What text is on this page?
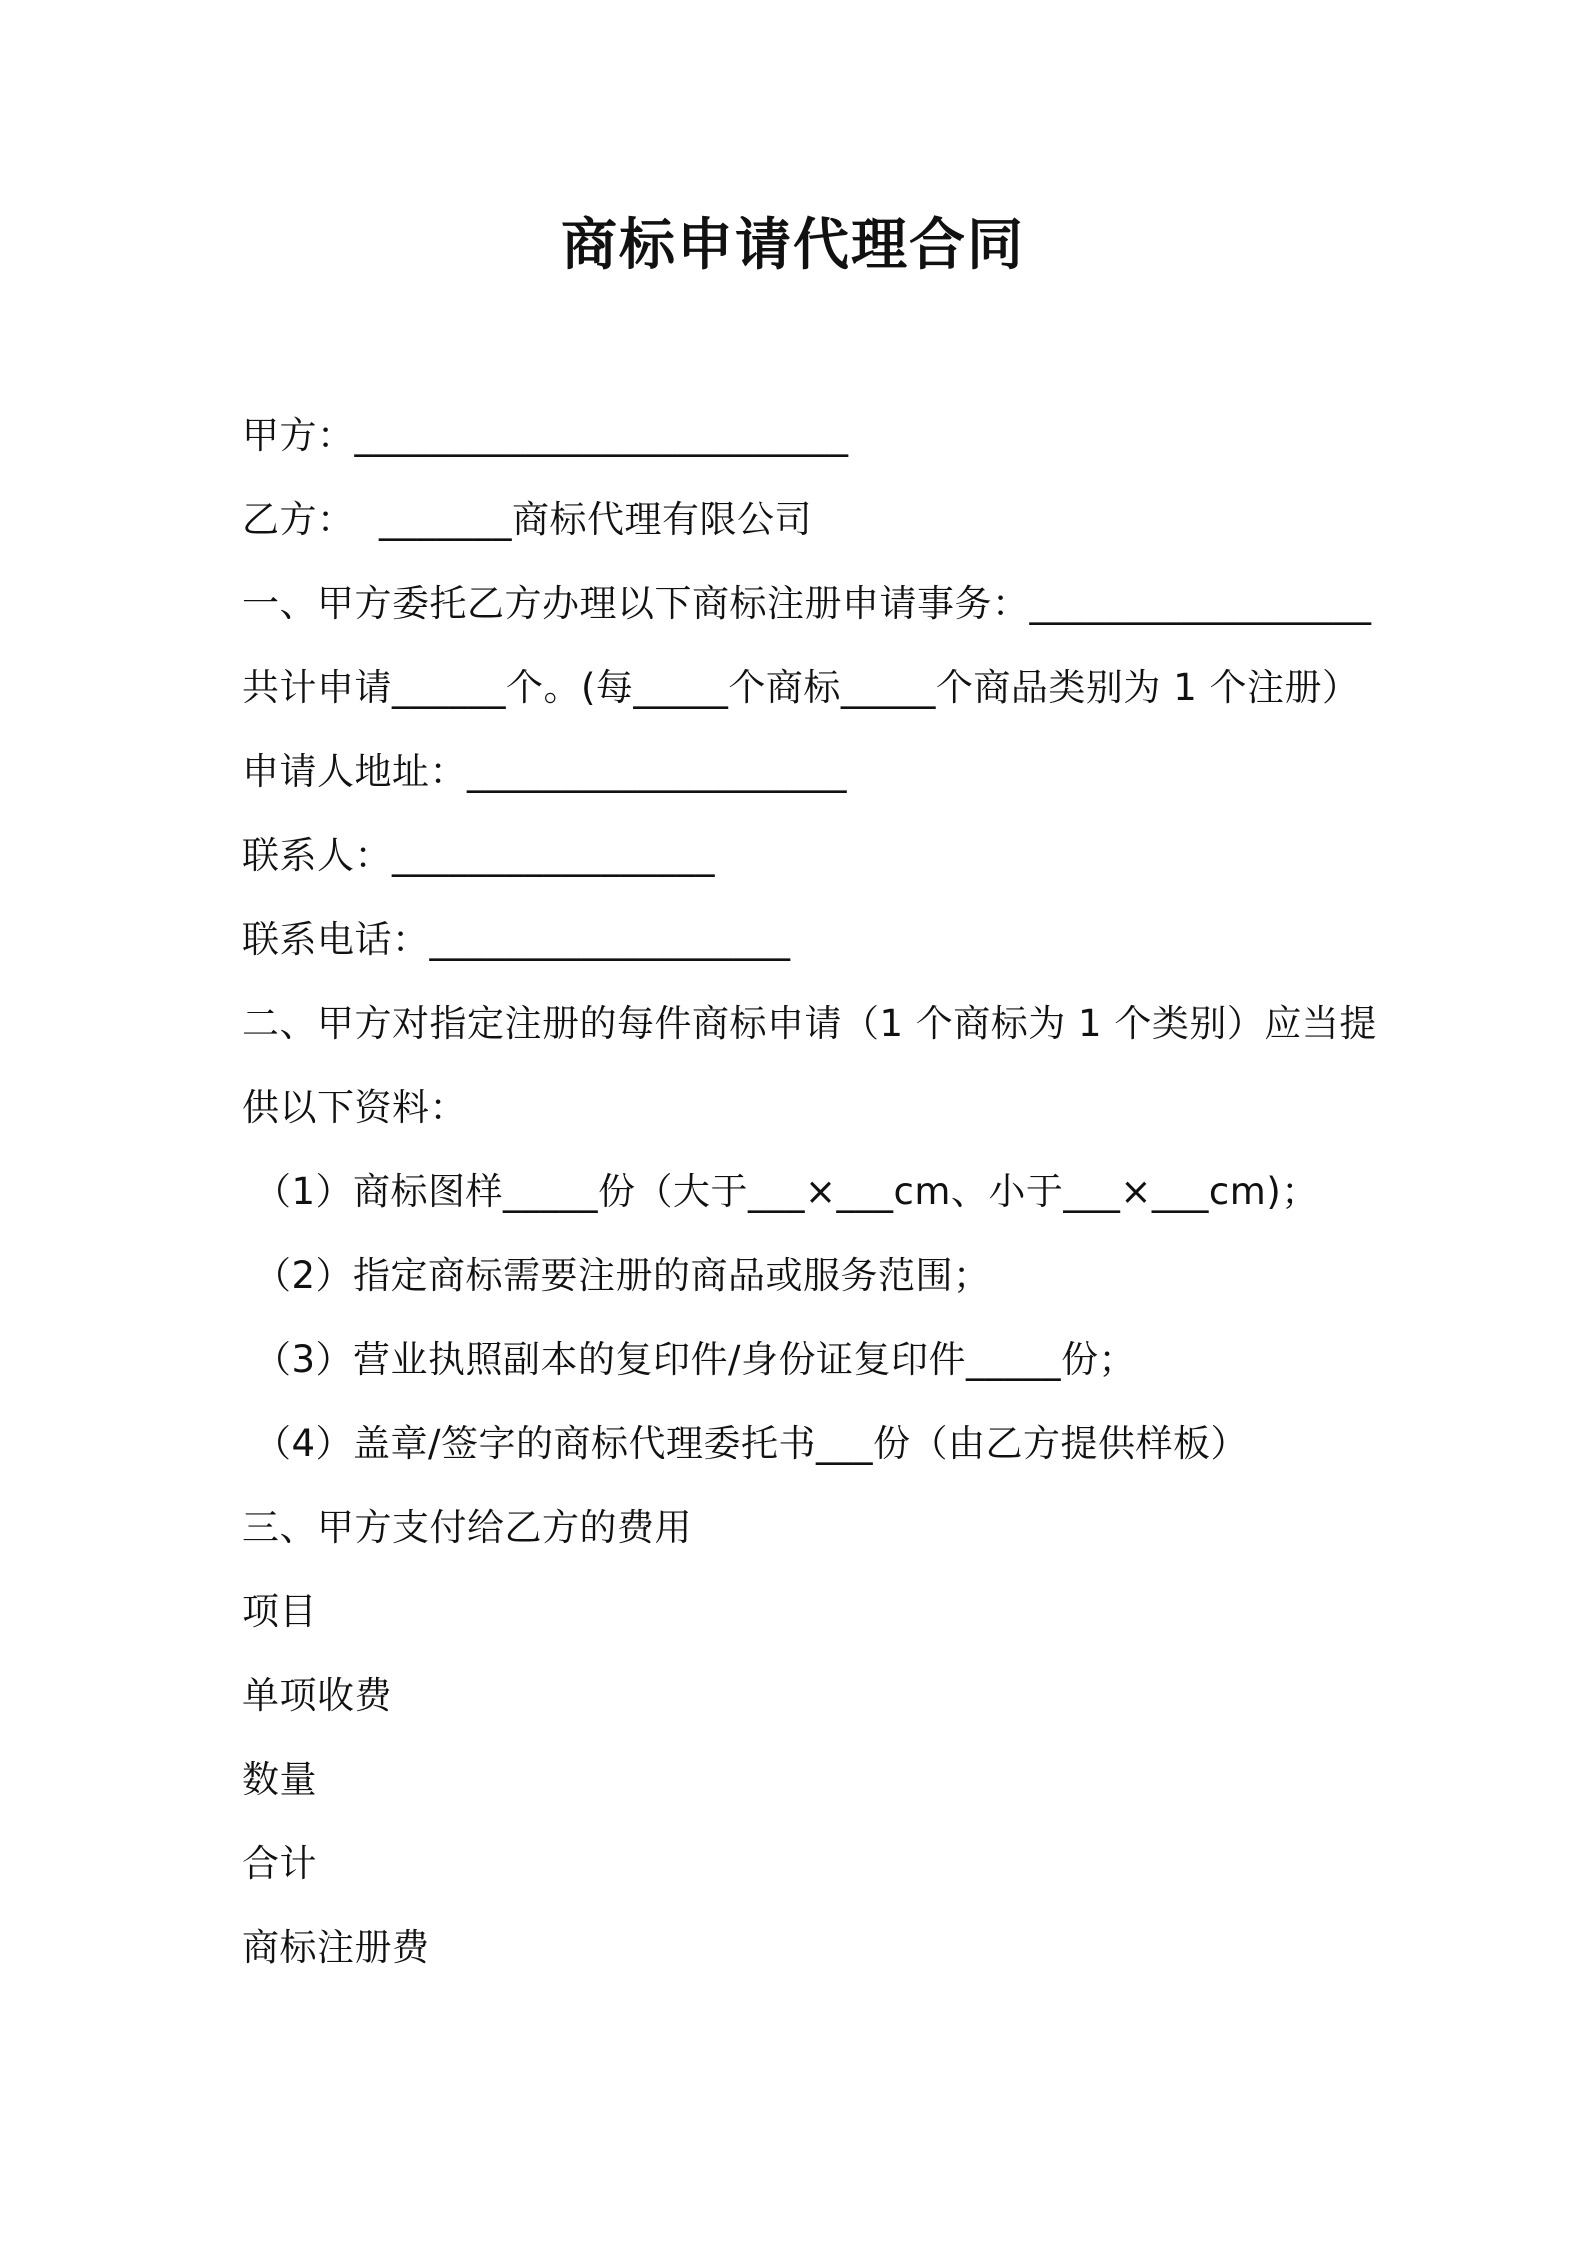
商标申请代理合同
甲方：__________________________
乙方：  _______商标代理有限公司
一、甲方委托乙方办理以下商标注册申请事务：__________________
共计申请______个。(每_____个商标_____个商品类别为 1 个注册）
申请人地址：____________________
联系人：_________________
联系电话：___________________
二、甲方对指定注册的每件商标申请（1 个商标为 1 个类别）应当提
供以下资料：
（1）商标图样_____份（大于___×___cm、小于___×___cm)；
（2）指定商标需要注册的商品或服务范围；
（3）营业执照副本的复印件/身份证复印件_____份；
（4）盖章/签字的商标代理委托书___份（由乙方提供样板）
三、甲方支付给乙方的费用
项目
单项收费
数量
合计
商标注册费
